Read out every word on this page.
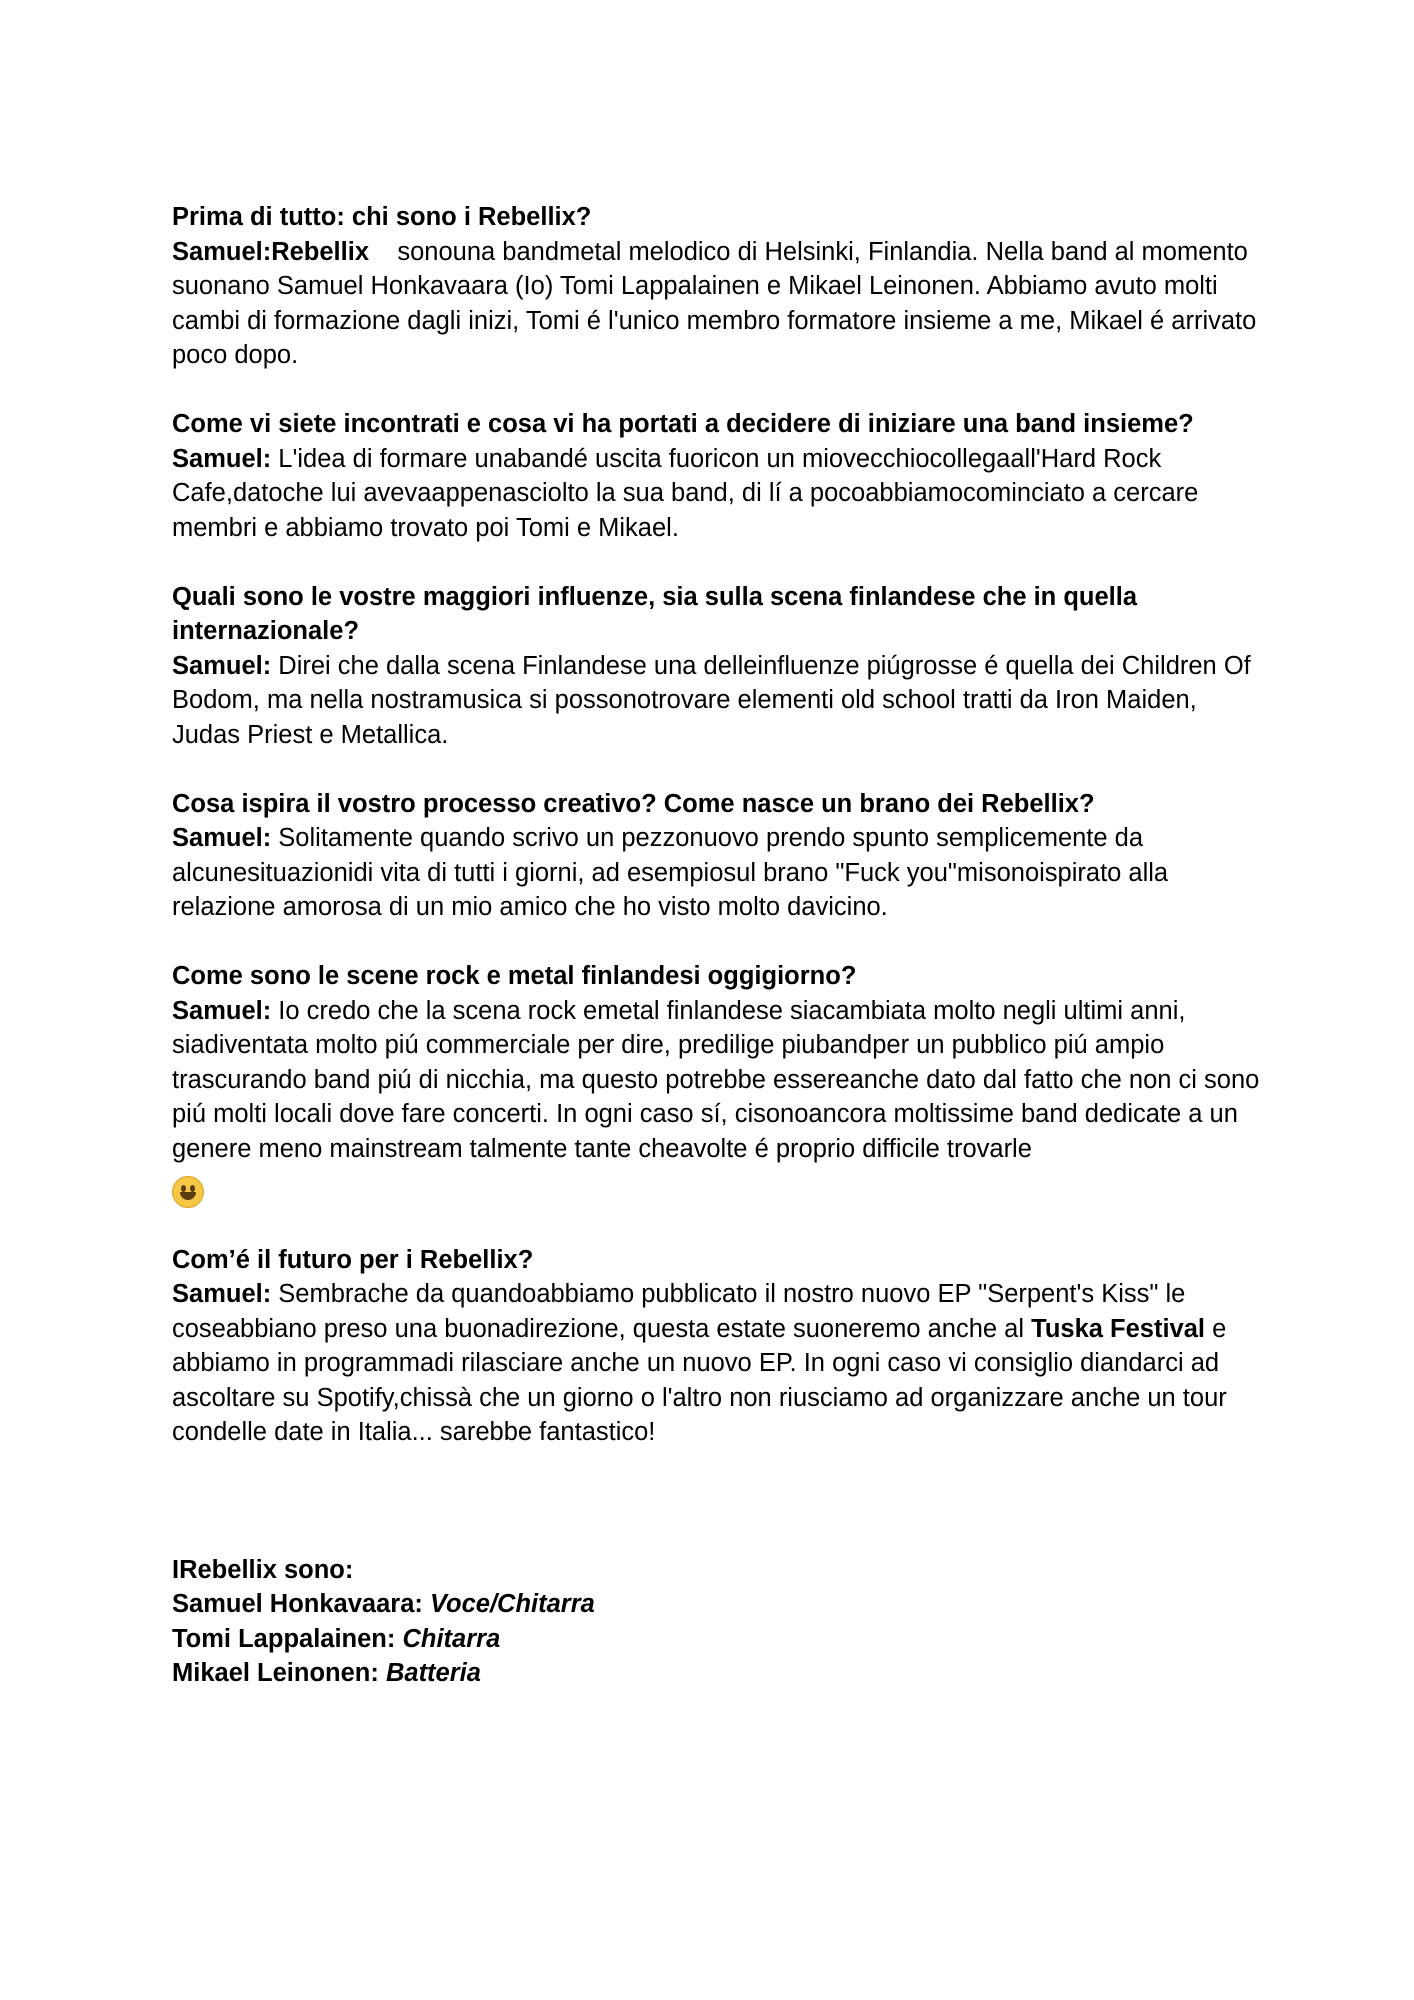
Prima di tutto: chi sono i Rebellix?
Samuel:Rebellix sonouna bandmetal melodico di Helsinki, Finlandia. Nella band al momento suonano Samuel Honkavaara (Io) Tomi Lappalainen e Mikael Leinonen. Abbiamo avuto molti cambi di formazione dagli inizi, Tomi é l'unico membro formatore insieme a me, Mikael é arrivato poco dopo.
Come vi siete incontrati e cosa vi ha portati a decidere di iniziare una band insieme?
Samuel: L'idea di formare unabandé uscita fuoricon un miovecchiocollegaall'Hard Rock Cafe,datoche lui avevaappenasciolto la sua band, di lí a pocoabbiamocominciato a cercare membri e abbiamo trovato poi Tomi e Mikael.
Quali sono le vostre maggiori influenze, sia sulla scena finlandese che in quella internazionale?
Samuel: Direi che dalla scena Finlandese una delleinfluenze piúgrosse é quella dei Children Of Bodom, ma nella nostramusica si possonotrovare elementi old school tratti da Iron Maiden, Judas Priest e Metallica.
Cosa ispira il vostro processo creativo? Come nasce un brano dei Rebellix?
Samuel: Solitamente quando scrivo un pezzonuovo prendo spunto semplicemente da alcunesituazionidi vita di tutti i giorni, ad esempiosul brano "Fuck you"misonoispirato alla relazione amorosa di un mio amico che ho visto molto davicino.
Come sono le scene rock e metal finlandesi oggigiorno?
Samuel: Io credo che la scena rock emetal finlandese siacambiata molto negli ultimi anni, siadiventata molto piú commerciale per dire, predilige piubandper un pubblico piú ampio trascurando band piú di nicchia, ma questo potrebbe essereanche dato dal fatto che non ci sono piú molti locali dove fare concerti. In ogni caso sí, cisonoancora moltissime band dedicate a un genere meno mainstream talmente tante cheavolte é proprio difficile trovarle
Com’é il futuro per i Rebellix?
Samuel: Sembrache da quandoabbiamo pubblicato il nostro nuovo EP "Serpent's Kiss" le coseabbiano preso una buonadirezione, questa estate suoneremo anche al Tuska Festival e abbiamo in programmadi rilasciare anche un nuovo EP. In ogni caso vi consiglio diandarci ad ascoltare su Spotify,chissà che un giorno o l'altro non riusciamo ad organizzare anche un tour condelle date in Italia... sarebbe fantastico!
IRebellix sono:
Samuel Honkavaara: Voce/Chitarra
Tomi Lappalainen: Chitarra
Mikael Leinonen: Batteria
